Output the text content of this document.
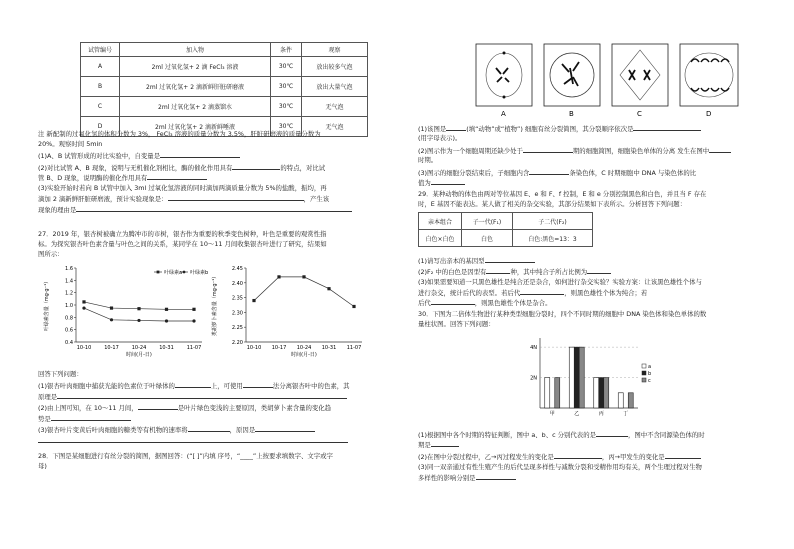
试管编号	加入物	条件	观察
A	2ml 过氧化氢+ 2 滴 FeCl₃ 溶液	30℃	放出较多气泡
B	2ml 过氧化氢+ 2 滴新鲜肝脏研磨液	30℃	放出大量气泡
C	2ml 过氧化氢+ 2 滴蒸馏水	30℃	无气泡
D	2ml 过氧化氢+ 2 滴新鲜唾液	30℃	无气泡
注 新配制的过氧化氢的体积分数为 3%， FeCl₃ 溶液的质量分数为 3.5%，肝脏研磨液的质量分数为
20%。观察时间 5min
(1)A、B 试管形成的对比实验中，自变量是
(2)对比试管 A、B 现象，说明与无机催化剂相比，酶的催化作用具有	的特点，对比试
管 B、D 现象，说明酶的催化作用具有
(3)实验开始时若向 B 试管中加入 3ml 过氧化氢溶液的同时滴加两滴质量分数为 5%的盐酸，振均，再
滴加 2 滴新鲜肝脏研磨液，预计实验现象是：	，产生该
现象的理由是
27．2019 年，银杏树被确立为腾冲市的市树，银杏作为重要的秋季变色树种，叶色是重要的观赏性指
标。为探究银杏叶色素含量与叶色之间的关系，某同学在 10～11 月间收集银杏叶进行了研究，结果如
图所示：
1.6
1.4
1.2
1.0
0.8
0.6
0.4
10-10	10-17	10-24	10-31	11-07
时间(月-日)
叶绿素含量（mg·g⁻¹）
叶绿素a 叶绿素b
2.45
2.40
2.35
2.30
2.25
2.20
10-10 10-17 10-24 10-31 11-07
时间(月-日)
类胡萝卜素含量（mg·g⁻¹）
回答下列问题：
(1)银杏叶肉细胞中捕获光能的色素位于叶绿体的	上，可使用	法分离银杏叶中的色素，其
原理是
(2)由上图可知，在 10～11 月间，	是叶片绿色变浅的主要原因，类胡萝卜素含量的变化趋
势是
(3)银杏叶片变黄后叶肉细胞的糖类等有机物的速率将	，原因是
28．下图是某细胞进行有丝分裂的简图，据图回答：(“[ ]”内填 序号，“____”上按要求填数字、文字或字
母)
A	B	C	D
(1)该图是	(填“动物”或“植物”) 细胞有丝分裂简图，其分裂顺序依次是
(用字母表示)。
(2)图示作为一个细胞周期还缺少处于	期的细胞简图，细胞染色单体的分离 发生在图中
时期。
(3)图示的细胞分裂结束后，子细胞内含	条染色体，C 时期细胞中 DNA 与染色体的比
值为
29．某种动物的体色由两对等位基因 E、e 和 F、f 控制，E 和 e 分别控制黑色和白色，并且当 F 存在
时，E 基因不能表达。某人做了相关的杂交实验，其部分结果如下表所示。分析回答下列问题：
亲本组合	子一代(F₁)	子二代(F₂)
白色×白色	白色	白色:黑色=13：3
(1)请写出亲本的基因型
(2)F₂ 中的白色是因型有	种，其中纯合子所占比例为
(3)如果需要知道一只黑色雄性是纯合还是杂合，如何进行杂交实验？实验方案：让该黑色雄性个体与
进行杂交，统计后代的表型。若后代	，则黑色雄性个体为纯合；若
后代	，则黑色雄性个体是杂合。
30．下图为二倍体生物进行某种类型细胞分裂时，四个不同时期的细胞中 DNA 染色体和染色单体的数
量柱状图。回答下列问题：
4N
2N
甲	乙	丙	丁
a
b
c
(1)根据图中各个时期的特征判断，图中 a、b、c 分别代表的是	，图中不含同源染色体的时
期是
(2)在图中分裂过程中，乙→丙过程发生的变化是	，丙→甲发生的变化是
(3)同一双亲通过有性生殖产生的后代呈现多样性与减数分裂和受精作用均有关，两个生理过程对生物
多样性的影响分别是
